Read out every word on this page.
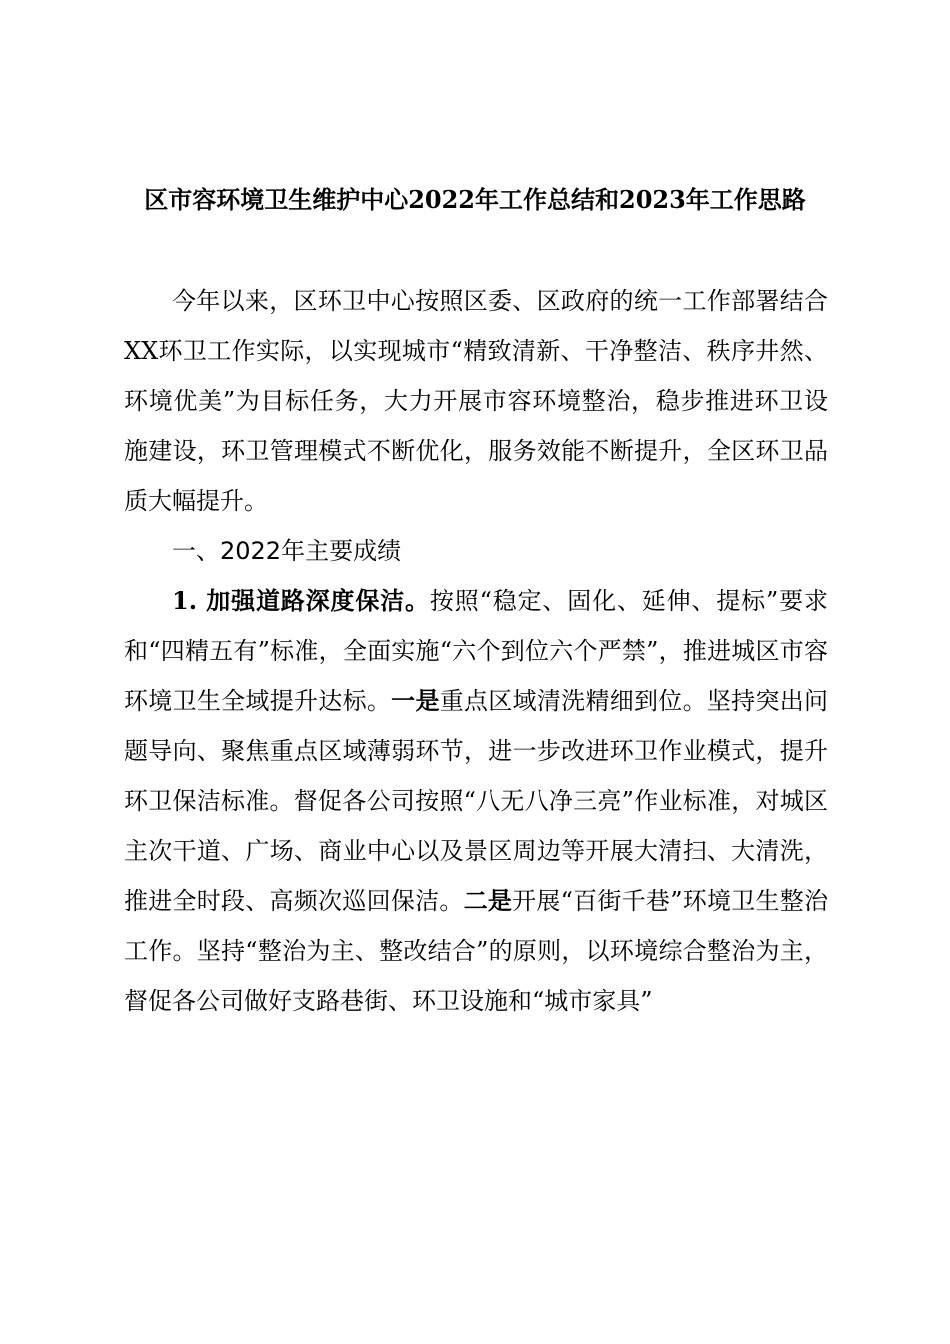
区市容环境卫生维护中心2022年工作总结和2023年工作思路

今年以来，区环卫中心按照区委、区政府的统一工作部署结合XX环卫工作实际，以实现城市“精致清新、干净整洁、秩序井然、环境优美”为目标任务，大力开展市容环境整治，稳步推进环卫设施建设，环卫管理模式不断优化，服务效能不断提升，全区环卫品质大幅提升。

一、2022年主要成绩

1. 加强道路深度保洁。按照“稳定、固化、延伸、提标”要求和“四精五有”标准，全面实施“六个到位六个严禁”，推进城区市容环境卫生全域提升达标。一是重点区域清洗精细到位。坚持突出问题导向、聚焦重点区域薄弱环节，进一步改进环卫作业模式，提升环卫保洁标准。督促各公司按照“八无八净三亮”作业标准，对城区主次干道、广场、商业中心以及景区周边等开展大清扫、大清洗，推进全时段、高频次巡回保洁。二是开展“百街千巷”环境卫生整治工作。坚持“整治为主、整改结合”的原则，以环境综合整治为主，督促各公司做好支路巷街、环卫设施和“城市家具”
